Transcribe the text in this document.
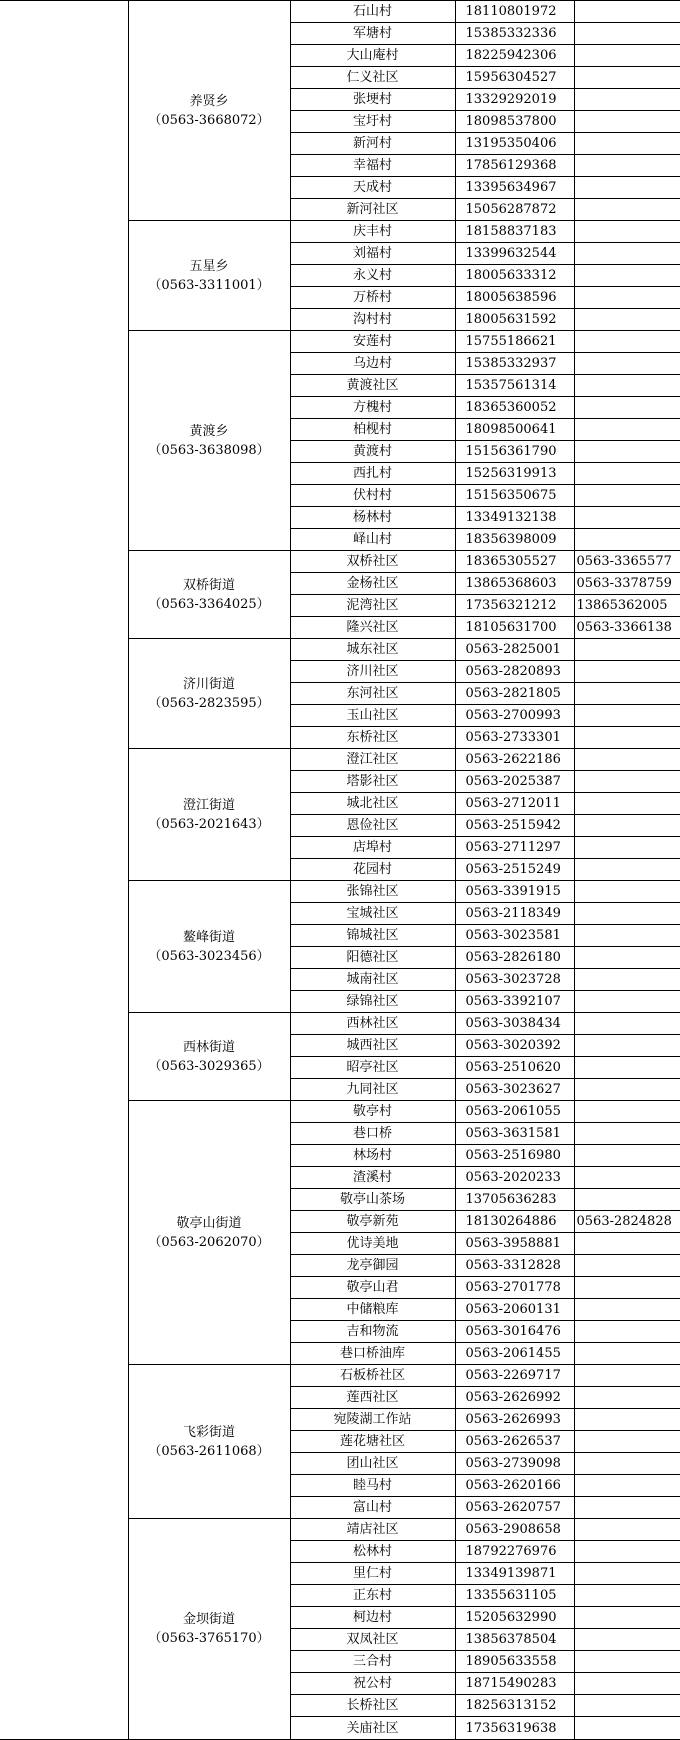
	养贤乡
（0563-3668072）	石山村	18110801972	
		军塘村	15385332336	
		大山庵村	18225942306	
		仁义社区	15956304527	
		张埂村	13329292019	
		宝圩村	18098537800	
		新河村	13195350406	
		幸福村	17856129368	
		天成村	13395634967	
		新河社区	15056287872	

	五星乡
（0563-3311001）	庆丰村	18158837183	
		刘福村	13399632544	
		永义村	18005633312	
		万桥村	18005638596	
		沟村村	18005631592	

	黄渡乡
（0563-3638098）	安莲村	15755186621	
		乌边村	15385332937	
		黄渡社区	15357561314	
		方槐村	18365360052	
		柏枧村	18098500641	
		黄渡村	15156361790	
		西扎村	15256319913	
		伏村村	15156350675	
		杨林村	13349132138	
		峄山村	18356398009	

	双桥街道
（0563-3364025）	双桥社区	18365305527	0563-3365577
		金杨社区	13865368603	0563-3378759
		泥湾社区	17356321212	13865362005
		隆兴社区	18105631700	0563-3366138

	济川街道
（0563-2823595）	城东社区	0563-2825001	
		济川社区	0563-2820893	
		东河社区	0563-2821805	
		玉山社区	0563-2700993	
		东桥社区	0563-2733301	

	澄江街道
（0563-2021643）	澄江社区	0563-2622186	
		塔影社区	0563-2025387	
		城北社区	0563-2712011	
		恩俭社区	0563-2515942	
		店埠村	0563-2711297	
		花园村	0563-2515249	

	鳌峰街道
（0563-3023456）	张锦社区	0563-3391915	
		宝城社区	0563-2118349	
		锦城社区	0563-3023581	
		阳德社区	0563-2826180	
		城南社区	0563-3023728	
		绿锦社区	0563-3392107	

	西林街道
（0563-3029365）	西林社区	0563-3038434	
		城西社区	0563-3020392	
		昭亭社区	0563-2510620	
		九同社区	0563-3023627	

	敬亭山街道
（0563-2062070）	敬亭村	0563-2061055	
		巷口桥	0563-3631581	
		林场村	0563-2516980	
		渣溪村	0563-2020233	
		敬亭山茶场	13705636283	
		敬亭新苑	18130264886	0563-2824828
		优诗美地	0563-3958881	
		龙亭御园	0563-3312828	
		敬亭山君	0563-2701778	
		中储粮库	0563-2060131	
		吉和物流	0563-3016476	
		巷口桥油库	0563-2061455	

	飞彩街道
（0563-2611068）	石板桥社区	0563-2269717	
		莲西社区	0563-2626992	
		宛陵湖工作站	0563-2626993	
		莲花塘社区	0563-2626537	
		团山社区	0563-2739098	
		睦马村	0563-2620166	
		富山村	0563-2620757	

	金坝街道
（0563-3765170）	靖店社区	0563-2908658	
		松林村	18792276976	
		里仁村	13349139871	
		正东村	13355631105	
		柯边村	15205632990	
		双凤社区	13856378504	
		三合村	18905633558	
		祝公村	18715490283	
		长桥社区	18256313152	
		关庙社区	17356319638	
